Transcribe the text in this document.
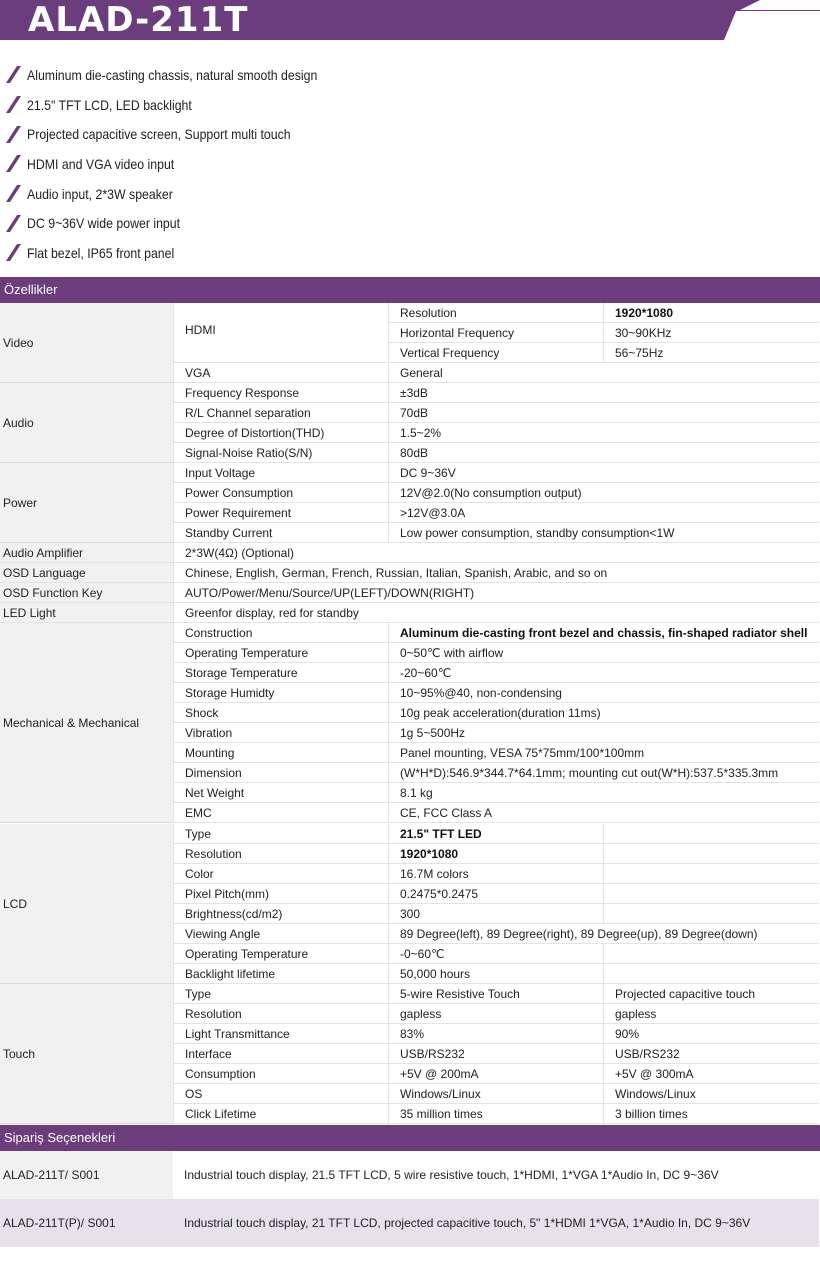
ALAD-211T
Aluminum die-casting chassis, natural smooth design
21.5" TFT LCD, LED backlight
Projected capacitive screen, Support multi touch
HDMI and VGA video input
Audio input, 2*3W speaker
DC 9~36V wide power input
Flat bezel, IP65 front panel
Özellikler
Video
HDMI
Resolution	1920*1080
Horizontal Frequency	30~90KHz
Vertical Frequency	56~75Hz
VGA	General
Audio
Frequency Response	±3dB
R/L Channel separation	70dB
Degree of Distortion(THD)	1.5~2%
Signal-Noise Ratio(S/N)	80dB
Power
Input Voltage	DC 9~36V
Power Consumption	12V@2.0(No consumption output)
Power Requirement	>12V@3.0A
Standby Current	Low power consumption, standby consumption<1W
Audio Amplifier	2*3W(4Ω) (Optional)
OSD Language	Chinese, English, German, French, Russian, Italian, Spanish, Arabic, and so on
OSD Function Key	AUTO/Power/Menu/Source/UP(LEFT)/DOWN(RIGHT)
LED Light	Greenfor display, red for standby
Mechanical & Mechanical
Construction	Aluminum die-casting front bezel and chassis, fin-shaped radiator shell
Operating Temperature	0~50℃ with airflow
Storage Temperature	-20~60℃
Storage Humidty	10~95%@40, non-condensing
Shock	10g peak acceleration(duration 11ms)
Vibration	1g 5~500Hz
Mounting	Panel mounting, VESA 75*75mm/100*100mm
Dimension	(W*H*D):546.9*344.7*64.1mm; mounting cut out(W*H):537.5*335.3mm
Net Weight	8.1 kg
EMC	CE, FCC Class A
LCD
Type	21.5" TFT LED
Resolution	1920*1080
Color	16.7M colors
Pixel Pitch(mm)	0.2475*0.2475
Brightness(cd/m2)	300
Viewing Angle	89 Degree(left), 89 Degree(right), 89 Degree(up), 89 Degree(down)
Operating Temperature	-0~60℃
Backlight lifetime	50,000 hours
Touch
Type	5-wire Resistive Touch	Projected capacitive touch
Resolution	gapless	gapless
Light Transmittance	83%	90%
Interface	USB/RS232	USB/RS232
Consumption	+5V @ 200mA	+5V @ 300mA
OS	Windows/Linux	Windows/Linux
Click Lifetime	35 million times	3 billion times
Sipariş Seçenekleri
ALAD-211T/ S001	Industrial touch display, 21.5 TFT LCD, 5 wire resistive touch, 1*HDMI, 1*VGA 1*Audio In, DC 9~36V
ALAD-211T(P)/ S001	Industrial touch display, 21 TFT LCD, projected capacitive touch, 5" 1*HDMI 1*VGA, 1*Audio In, DC 9~36V
